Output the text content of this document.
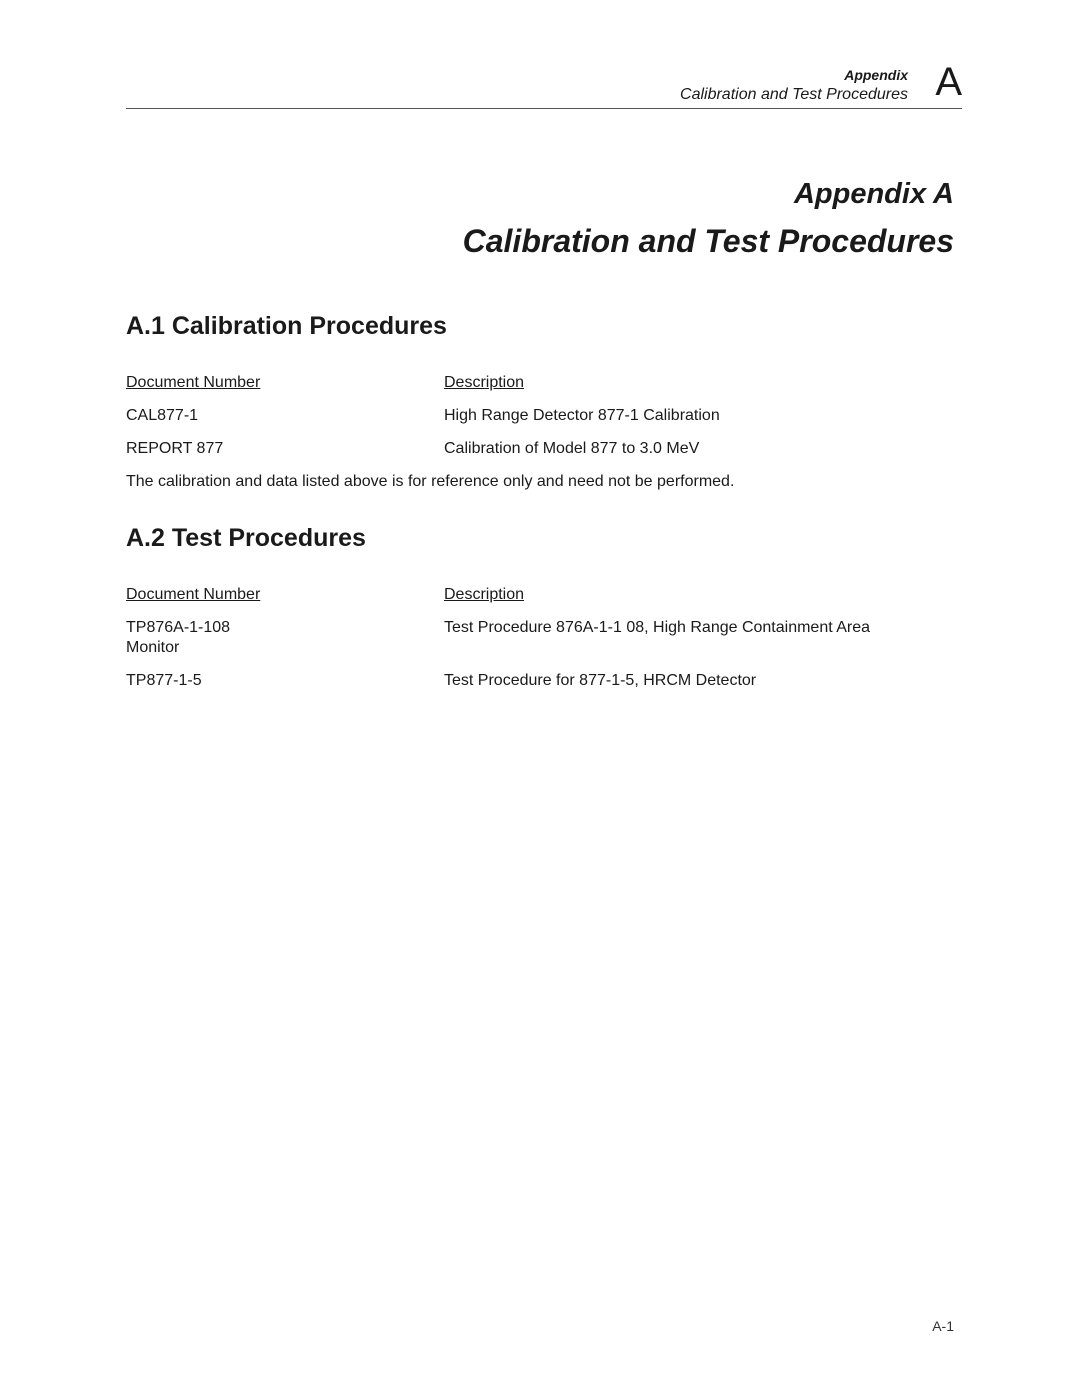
Appendix
Calibration and Test Procedures A
Appendix A
Calibration and Test Procedures
A.1 Calibration Procedures
Document Number	Description
CAL877-1	High Range Detector 877-1 Calibration
REPORT 877	Calibration of Model 877 to 3.0 MeV

The calibration and data listed above is for reference only and need not be performed.

A.2 Test Procedures
Document Number	Description
TP876A-1-108	Test Procedure 876A-1-1 08, High Range Containment Area
Monitor
TP877-1-5	Test Procedure for 877-1-5, HRCM Detector
A-1
